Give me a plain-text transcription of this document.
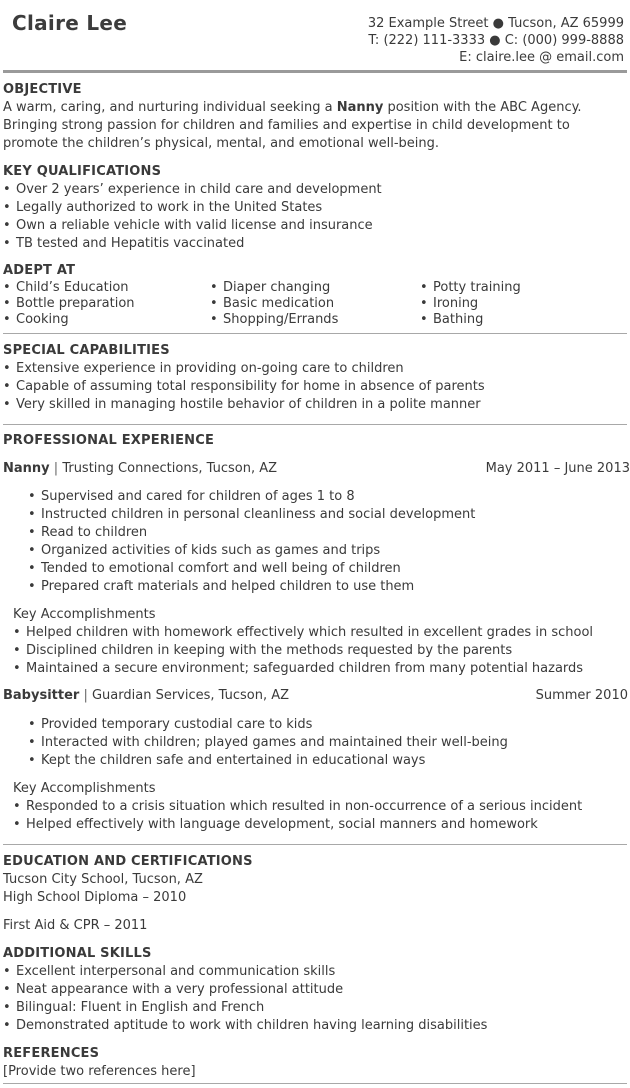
Claire Lee	32 Example Street ● Tucson, AZ 65999
T: (222) 111-3333 ● C: (000) 999-8888
E: claire.lee @ email.com
OBJECTIVE
A warm, caring, and nurturing individual seeking a Nanny position with the ABC Agency.
Bringing strong passion for children and families and expertise in child development to
promote the children’s physical, mental, and emotional well-being.
KEY QUALIFICATIONS
• Over 2 years’ experience in child care and development
• Legally authorized to work in the United States
• Own a reliable vehicle with valid license and insurance
• TB tested and Hepatitis vaccinated
ADEPT AT
• Child’s Education
• Bottle preparation
• Cooking
• Diaper changing
• Basic medication
• Shopping/Errands
• Potty training
• Ironing
• Bathing
SPECIAL CAPABILITIES
• Extensive experience in providing on-going care to children
• Capable of assuming total responsibility for home in absence of parents
• Very skilled in managing hostile behavior of children in a polite manner
PROFESSIONAL EXPERIENCE
Nanny | Trusting Connections, Tucson, AZ	May 2011 – June 2013
• Supervised and cared for children of ages 1 to 8
• Instructed children in personal cleanliness and social development
• Read to children
• Organized activities of kids such as games and trips
• Tended to emotional comfort and well being of children
• Prepared craft materials and helped children to use them
Key Accomplishments
• Helped children with homework effectively which resulted in excellent grades in school
• Disciplined children in keeping with the methods requested by the parents
• Maintained a secure environment; safeguarded children from many potential hazards
Babysitter | Guardian Services, Tucson, AZ	Summer 2010
• Provided temporary custodial care to kids
• Interacted with children; played games and maintained their well-being
• Kept the children safe and entertained in educational ways
Key Accomplishments
• Responded to a crisis situation which resulted in non-occurrence of a serious incident
• Helped effectively with language development, social manners and homework
EDUCATION AND CERTIFICATIONS
Tucson City School, Tucson, AZ
High School Diploma – 2010
First Aid & CPR – 2011
ADDITIONAL SKILLS
• Excellent interpersonal and communication skills
• Neat appearance with a very professional attitude
• Bilingual: Fluent in English and French
• Demonstrated aptitude to work with children having learning disabilities
REFERENCES
[Provide two references here]
